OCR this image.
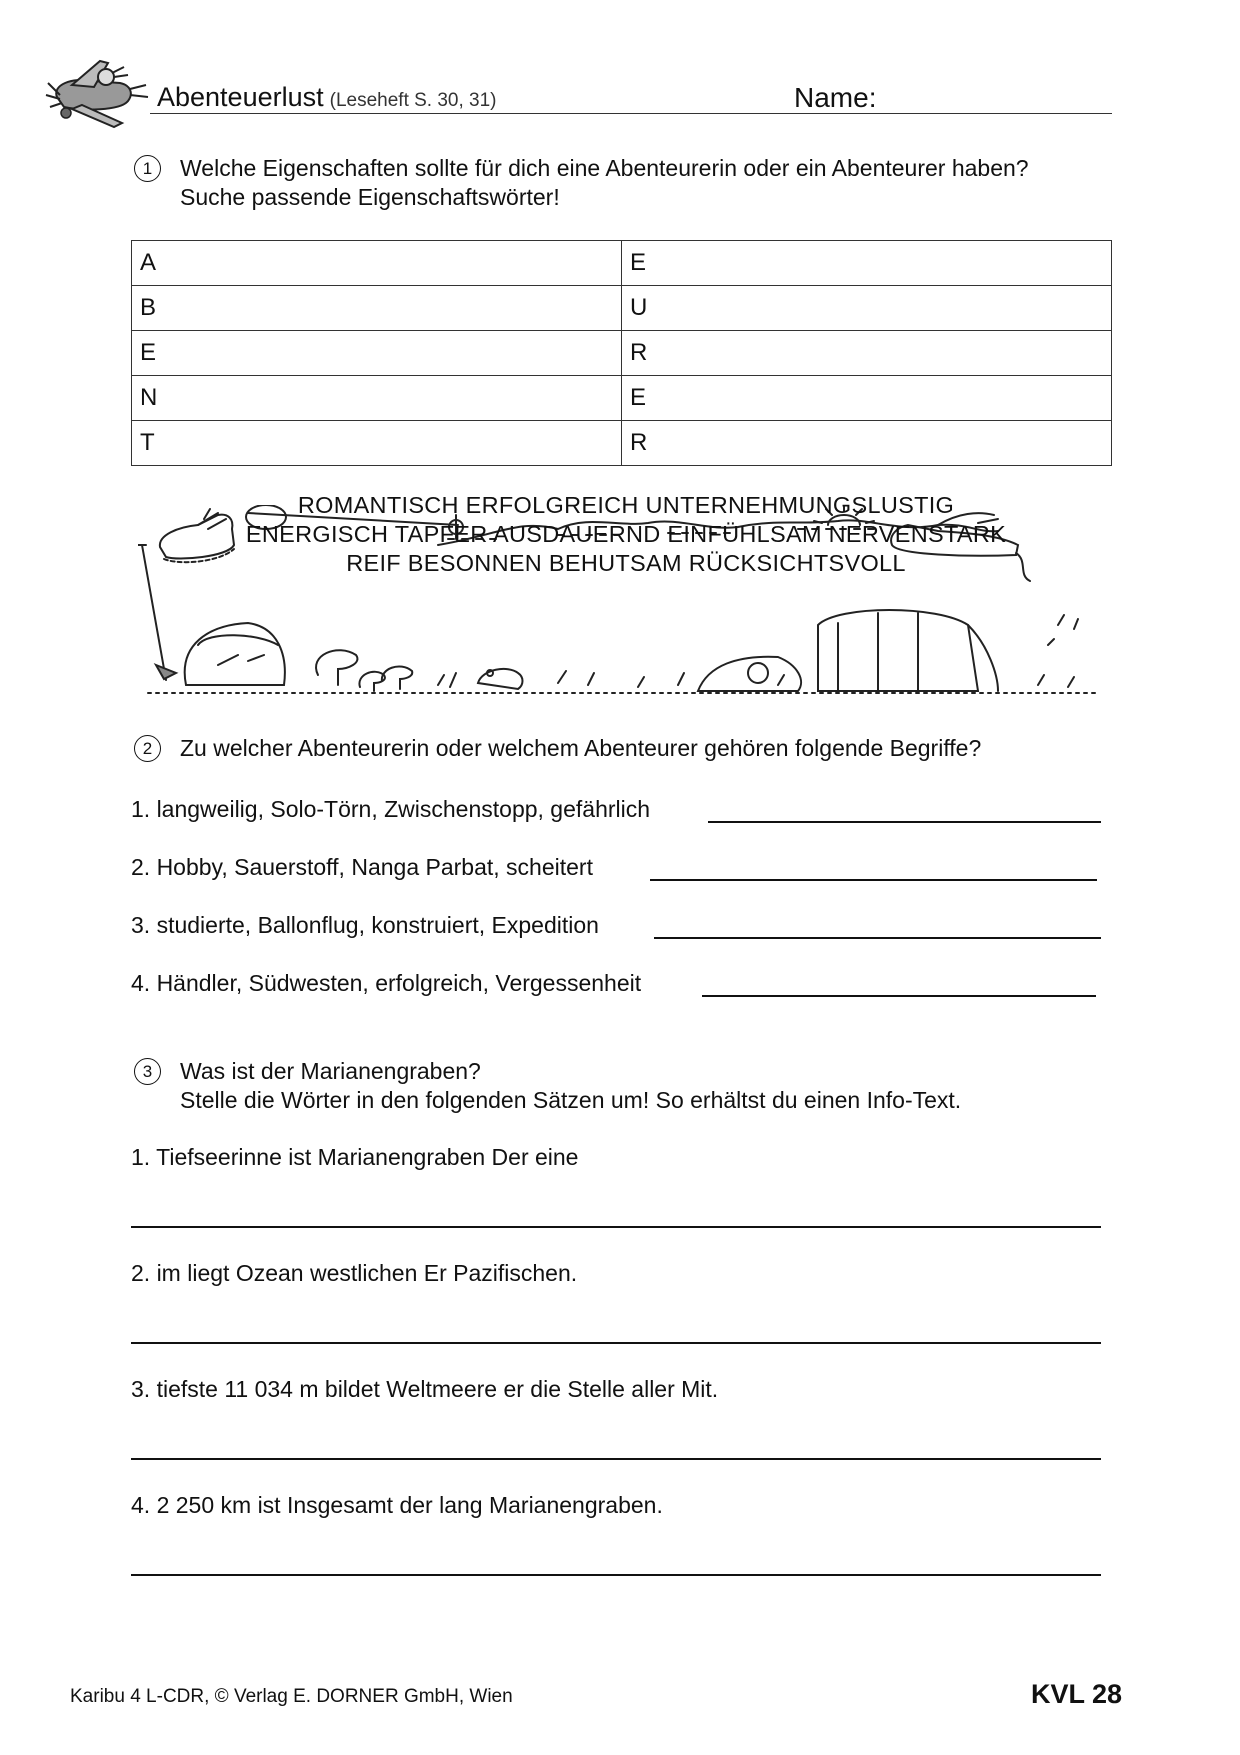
Abenteuerlust (Leseheft S. 30, 31)	Name:
1	Welche Eigenschaften sollte für dich eine Abenteurerin oder ein Abenteurer haben?
Suche passende Eigenschaftswörter!
A	E
B	U
E	R
N	E
T	R
ROMANTISCH ERFOLGREICH UNTERNEHMUNGSLUSTIG
ENERGISCH TAPFER AUSDAUERND EINFÜHLSAM NERVENSTARK
REIF BESONNEN BEHUTSAM RÜCKSICHTSVOLL
2	Zu welcher Abenteurerin oder welchem Abenteurer gehören folgende Begriffe?
1. langweilig, Solo-Törn, Zwischenstopp, gefährlich
2. Hobby, Sauerstoff, Nanga Parbat, scheitert
3. studierte, Ballonflug, konstruiert, Expedition
4. Händler, Südwesten, erfolgreich, Vergessenheit
3	Was ist der Marianengraben?
Stelle die Wörter in den folgenden Sätzen um! So erhältst du einen Info-Text.
1. Tiefseerinne ist Marianengraben Der eine
2. im liegt Ozean westlichen Er Pazifischen.
3. tiefste 11 034 m bildet Weltmeere er die Stelle aller Mit.
4. 2 250 km ist Insgesamt der lang Marianengraben.
Karibu 4 L-CDR, © Verlag E. DORNER GmbH, Wien	KVL 28
